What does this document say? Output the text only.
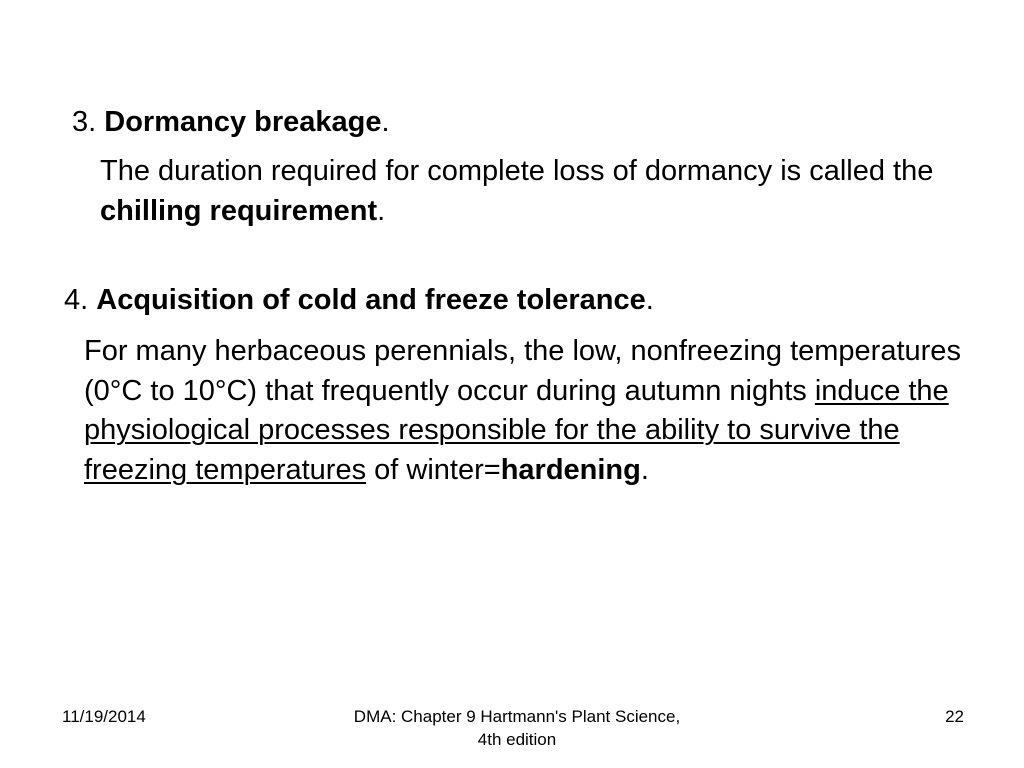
3. Dormancy breakage.
The duration required for complete loss of dormancy is called the chilling requirement.
4. Acquisition of cold and freeze tolerance.
For many herbaceous perennials, the low, nonfreezing temperatures (0°C to 10°C) that frequently occur during autumn nights induce the physiological processes responsible for the ability to survive the freezing temperatures of winter=hardening.
11/19/2014	DMA: Chapter 9 Hartmann's Plant Science, 4th edition
22
